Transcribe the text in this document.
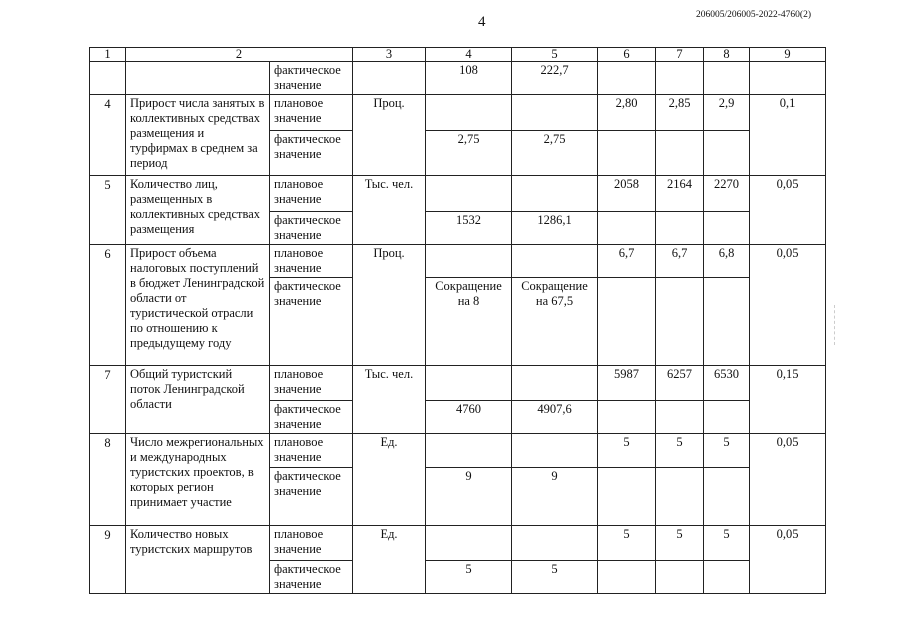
4	206005/206005-2022-4760(2)
1	2		3	4	5	6	7	8	9
		фактическое значение		108	222,7				
4	Прирост числа занятых в коллективных средствах размещения и турфирмах в среднем за период	плановое значение	Проц.			2,80	2,85	2,9	0,1
		фактическое значение		2,75	2,75				
5	Количество лиц, размещенных в коллективных средствах размещения	плановое значение	Тыс. чел.			2058	2164	2270	0,05
		фактическое значение		1532	1286,1				
6	Прирост объема налоговых поступлений в бюджет Ленинградской области от туристической отрасли по отношению к предыдущему году	плановое значение	Проц.			6,7	6,7	6,8	0,05
		фактическое значение		Сокращение на 8	Сокращение на 67,5				
7	Общий туристский поток Ленинградской области	плановое значение	Тыс. чел.			5987	6257	6530	0,15
		фактическое значение		4760	4907,6				
8	Число межрегиональных и международных туристских проектов, в которых регион принимает участие	плановое значение	Ед.			5	5	5	0,05
		фактическое значение		9	9				
9	Количество новых туристских маршрутов	плановое значение	Ед.			5	5	5	0,05
		фактическое значение		5	5				
